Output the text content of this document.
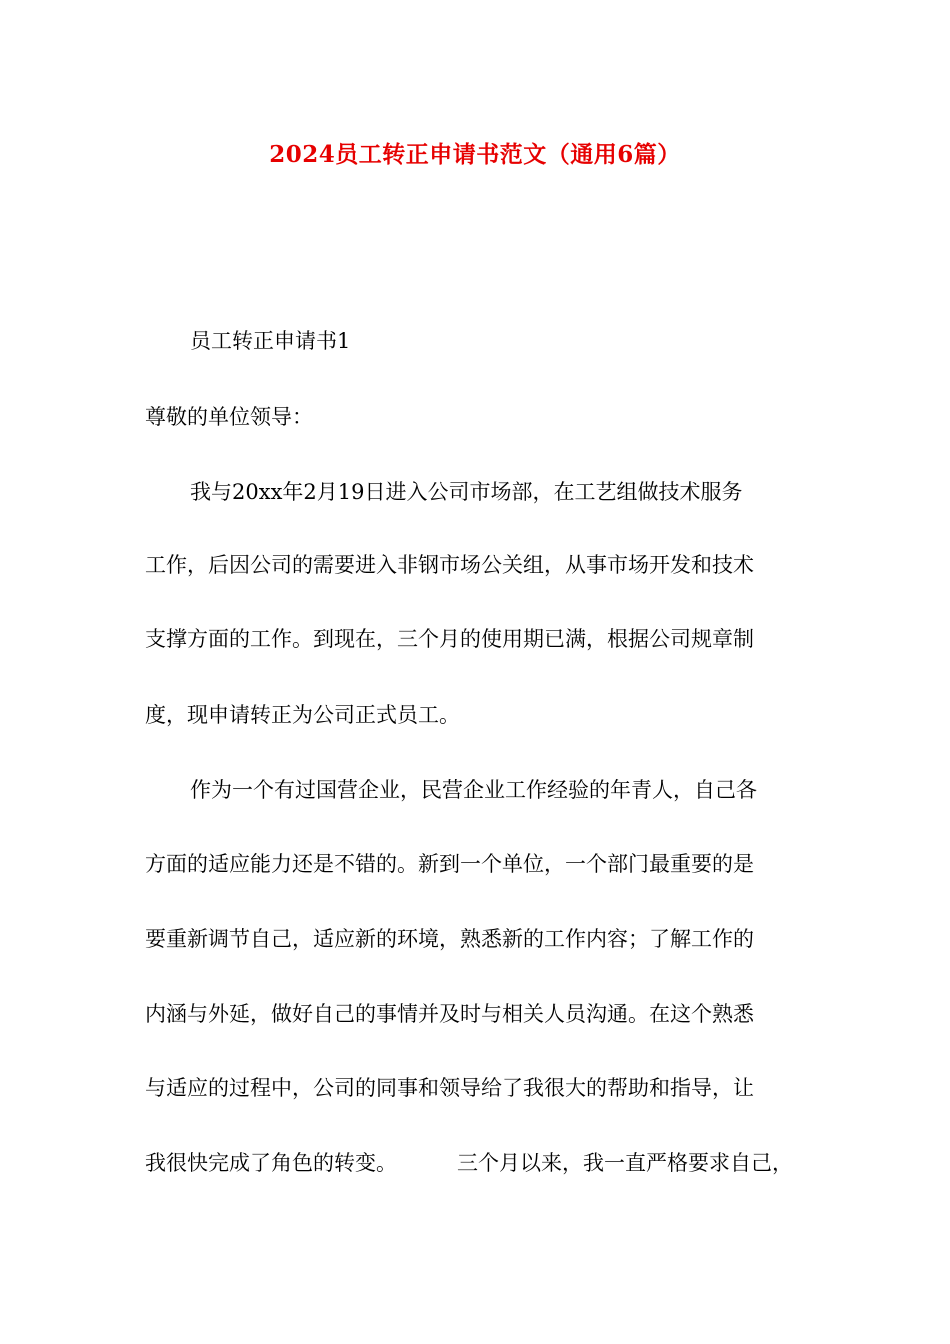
2024员工转正申请书范文（通用6篇）
员工转正申请书1
尊敬的单位领导：
我与20xx年2月19日进入公司市场部，在工艺组做技术服务
工作，后因公司的需要进入非钢市场公关组，从事市场开发和技术
支撑方面的工作。到现在，三个月的使用期已满，根据公司规章制
度，现申请转正为公司正式员工。
作为一个有过国营企业，民营企业工作经验的年青人，自己各
方面的适应能力还是不错的。新到一个单位，一个部门最重要的是
要重新调节自己，适应新的环境，熟悉新的工作内容；了解工作的
内涵与外延，做好自己的事情并及时与相关人员沟通。在这个熟悉
与适应的过程中，公司的同事和领导给了我很大的帮助和指导，让
我很快完成了角色的转变。	三个月以来，我一直严格要求自己，
